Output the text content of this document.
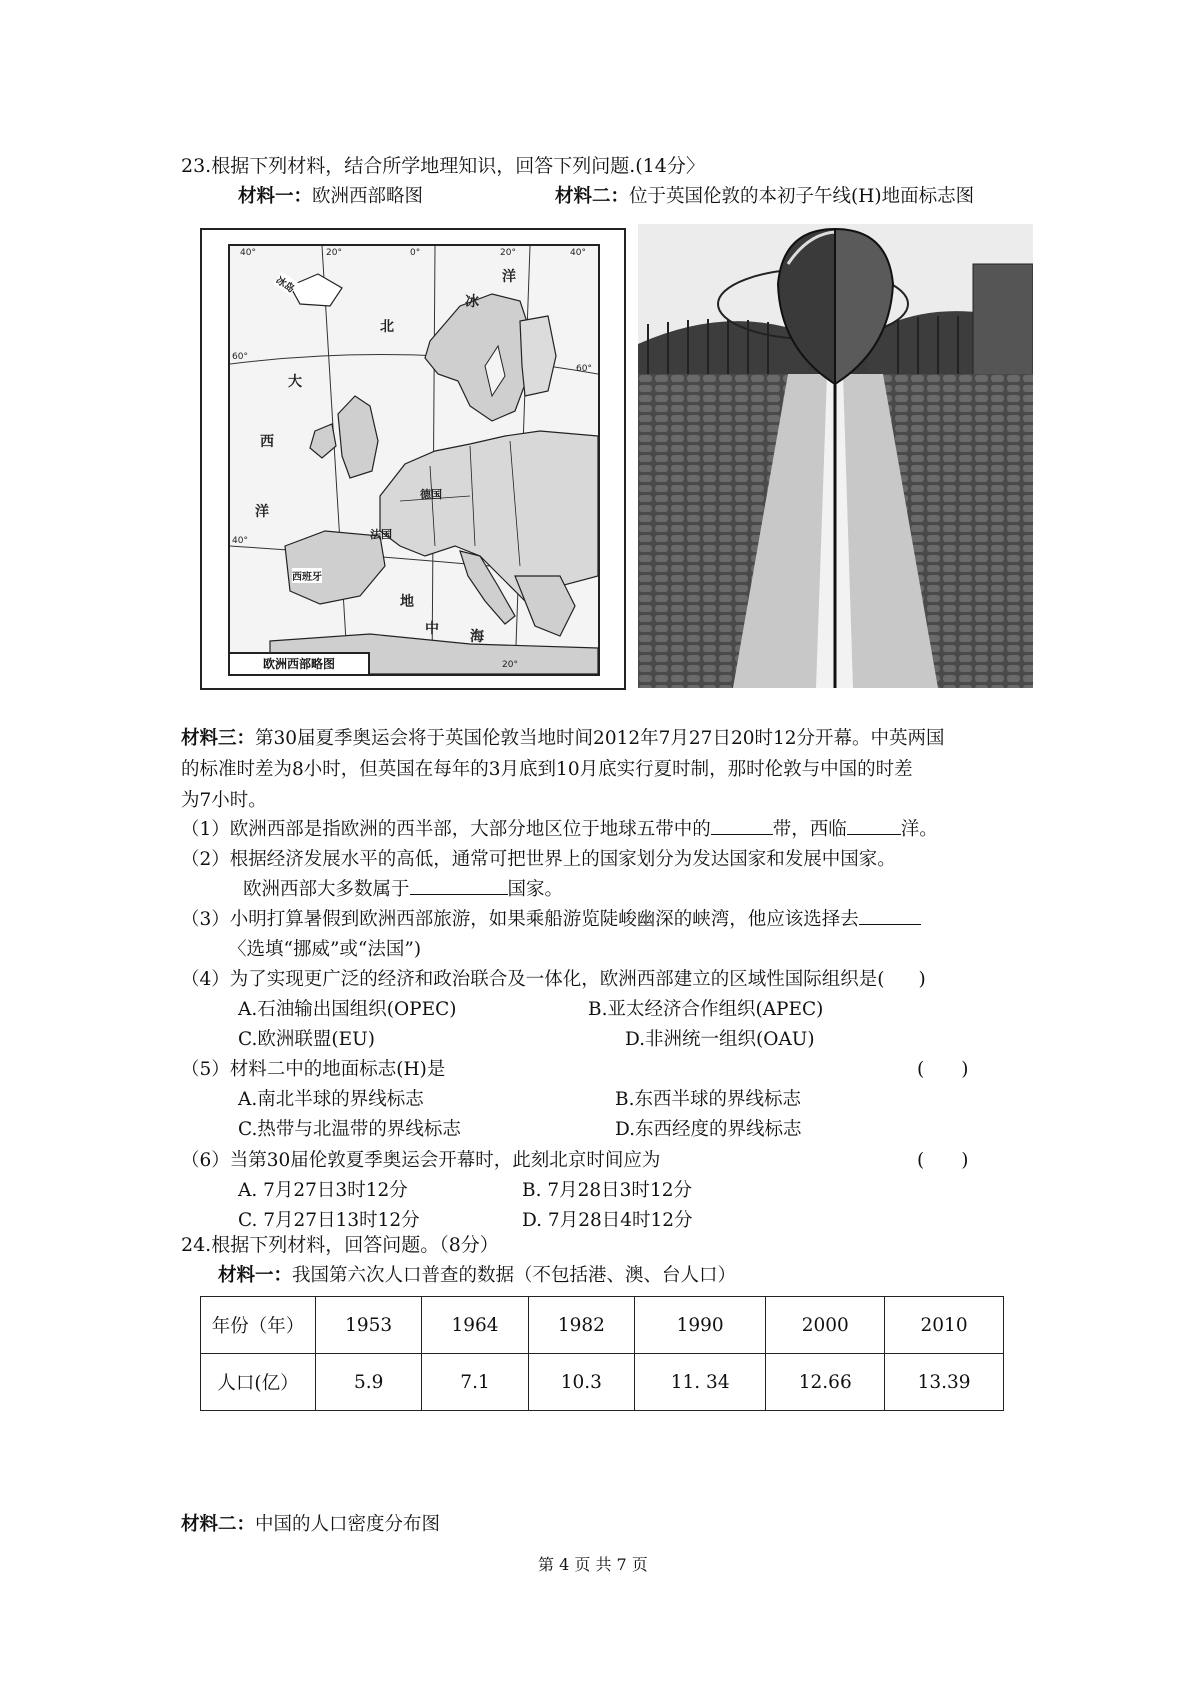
23.根据下列材料，结合所学地理知识，回答下列问题.(14分〉
材料一：欧洲西部略图	材料二：位于英国伦敦的本初子午线(H)地面标志图
北
冰
洋
大
西
洋
地
中 海
德国
法国
西班牙
冰岛
40°	20°	0°	20°	40°
60°
60°
40°
20°
欧洲西部略图
材料三：第30届夏季奥运会将于英国伦敦当地时间2012年7月27日20时12分开幕。中英两国
的标准时差为8小时，但英国在每年的3月底到10月底实行夏时制，那时伦敦与中国的时差
为7小时。
（1）欧洲西部是指欧洲的西半部，大部分地区位于地球五带中的	带，西临	洋。
（2）根据经济发展水平的高低，通常可把世界上的国家划分为发达国家和发展中国家。
欧洲西部大多数属于	国家。
（3）小明打算暑假到欧洲西部旅游，如果乘船游览陡峻幽深的峡湾，他应该选择去
〈选填“挪威”或“法国”)
（4）为了实现更广泛的经济和政治联合及一体化，欧洲西部建立的区域性国际组织是( )
A.石油输出国组织(OPEC)	B.亚太经济合作组织(APEC)
C.欧洲联盟(EU)	D.非洲统一组织(OAU)
（5）材料二中的地面标志(H)是	(　　)
A.南北半球的界线标志	B.东西半球的界线标志
C.热带与北温带的界线标志	D.东西经度的界线标志
（6）当第30届伦敦夏季奥运会开幕时，此刻北京时间应为	(　　)
A. 7月27日3时12分	B. 7月28日3时12分
C. 7月27日13时12分	D. 7月28日4时12分
24.根据下列材料，回答问题。（8分）
材料一：我国第六次人口普查的数据（不包括港、澳、台人口）
年份（年）	1953	1964	1982	1990	2000	2010
人口(亿）	5.9	7.1	10.3	11. 34	12.66	13.39
材料二：中国的人口密度分布图
第 4 页 共 7 页
